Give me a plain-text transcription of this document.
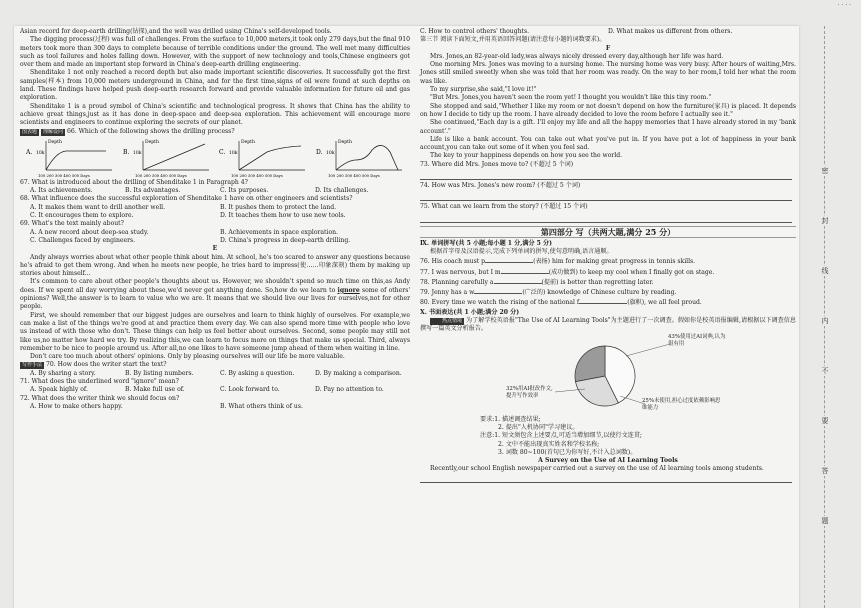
Asian record for deep-earth drilling(钻探),and the well was drilled using China's self-developed tools.

The digging process(过程) was full of challenges. From the surface to 10,000 meters,it took only 279 days,but the final 910 meters took more than 300 days to complete because of terrible conditions under the ground. The well met many difficulties such as tool failures and holes falling down. However, with the support of new technology and tools,Chinese engineers got over them and made an important step forward in China's deep-earth drilling engineering.

Shenditake 1 not only reached a record depth but also made important scientific discoveries. It successfully got the first samples(样本) from 10,000 meters underground in China, and for the first time,signs of oil were found at such depths on land. These findings have helped push deep-earth research forward and provide valuable information for future oil and gas exploration.

Shenditake 1 is a proud symbol of China's scientific and technological progress. It shows that China has the ability to achieve great things,just as it has done in deep-space and deep-sea exploration. This achievement will encourage more scientists and engineers to continue exploring the secrets of our planet.

图表题 理解设问 66. Which of the following shows the drilling process?

A. 10k
Depth
100 200 300 400 500 Days
B. 10k
Depth
100 200 300 400 500 Days
C. 10k
Depth
100 200 300 400 500 Days
D. 10k
Depth
100 200 300 400 500 Days

67. What is introduced about the drilling of Shenditake 1 in Paragraph 4?

A. Its achievements.	B. Its advantages.	C. Its purposes.	D. Its challenges.

68. What influence does the successful exploration of Shenditake 1 have on other engineers and scientists?

A. It makes them want to drill another well.	B. It pushes them to protect the land.
C. It encourages them to explore.	D. It teaches them how to use new tools.

69. What's the text mainly about?

A. A new record about deep-sea study.	B. Achievements in space exploration.
C. Challenges faced by engineers.	D. China's progress in deep-earth drilling.

E

Andy always worries about what other people think about him. At school, he's too scared to answer any questions because he's afraid to get them wrong. And when he meets new people, he tries hard to impress(使……印象深刻) them by making up stories about himself...

It's common to care about other people's thoughts about us. However, we shouldn't spend so much time on this,as Andy does. If we spent all day worrying about these,we'd never get anything done. So,how do we learn to ignore some of others' opinions? Well,the answer is to learn to value who we are. It means that we should live our lives for ourselves,not for other people.

First, we should remember that our biggest judges are ourselves and learn to think highly of ourselves. For example,we can make a list of the things we're good at and practice them every day. We can also spend more time with people who love us instead of with those who don't. These things can help us feel better about ourselves. Second, some people may still not like us,no matter how hard we try. By realizing this,we can learn to focus more on things that make us special. Third, always remember to be nice to people around us. After all,no one likes to have someone jump ahead of them when waiting in line.

Don't care too much about others' opinions. Only by pleasing ourselves will our life be more valuable.

写作手法 70. How does the writer start the text?

A. By sharing a story.	B. By listing numbers.	C. By asking a question.	D. By making a comparison.

71. What does the underlined word "ignore" mean?

A. Speak highly of.	B. Make full use of.	C. Look forward to.	D. Pay no attention to.

72. What does the writer think we should focus on?

A. How to make others happy.	B. What others think of us.
C. How to control others' thoughts.	D. What makes us different from others.

第三节 阅读下面短文,并用英语回答问题(请注意每小题的词数要求)。

F

Mrs. Jones,an 82-year-old lady,was always nicely dressed every day,although her life was hard.

One morning Mrs. Jones was moving to a nursing home. The nursing home was very busy. After hours of waiting,Mrs. Jones still smiled sweetly when she was told that her room was ready. On the way to her room,I told her what the room was like.

To my surprise,she said,"I love it!"

"But Mrs. Jones,you haven't seen the room yet! I thought you wouldn't like this tiny room."

She stopped and said,"Whether I like my room or not doesn't depend on how the furniture(家具) is placed. It depends on how I decide to tidy up the room. I have already decided to love the room before I actually see it."

She continued,"Each day is a gift. I'll enjoy my life and all the happy memories that I have already stored in my 'bank account'."

Life is like a bank account. You can take out what you've put in. If you have put a lot of happiness in your bank account,you can take out some of it when you feel sad.

The key to your happiness depends on how you see the world.

73. Where did Mrs. Jones move to? (不超过 5 个词)

74. How was Mrs. Jones's new room? (不超过 5 个词)

75. What can we learn from the story? (不超过 15 个词)

第四部分 写（共两大题,满分 25 分）

Ⅸ. 单词拼写(共 5 小题;每小题 1 分,满分 5 分)

根据首字母及汉语提示,完成下列单词的拼写,使句意明确,语言通顺。

76. His coach must p	(表扬) him for making great progress in tennis skills.

77. I was nervous, but I m	(成功做到) to keep my cool when I finally got on stage.

78. Planning carefully a	(提前) is better than regretting later.

79. Jenny has a w	(广泛的) knowledge of Chinese culture by reading.

80. Every time we watch the rising of the national f	(旗帜), we all feel proud.

Ⅹ. 书面表达(共 1 小题;满分 20 分)

热点情境 为了解学校英语报"The Use of AI Learning Tools"为主题进行了一次调查。假如你是校英语报编辑,请根据以下调查信息撰写一篇英文分析报告。

43%使用过AI词典,认为很有用
32%用AI批改作文,提升写作效率
25%未使用,担心过度依赖影响思维能力

要求:1. 描述调查结果;

2. 提出"人机协同"学习建议。

注意:1. 短文须包含上述要点,可适当增加细节,以使行文连贯;

2. 文中不能出现真实姓名和学校名称;

3. 词数 80~100(首句已为你写好,不计入总词数)。

A Survey on the Use of AI Learning Tools

Recently,our school English newspaper carried out a survey on the use of AI learning tools among students.

密
封
线
内
不
要
答
题
· · · ·
